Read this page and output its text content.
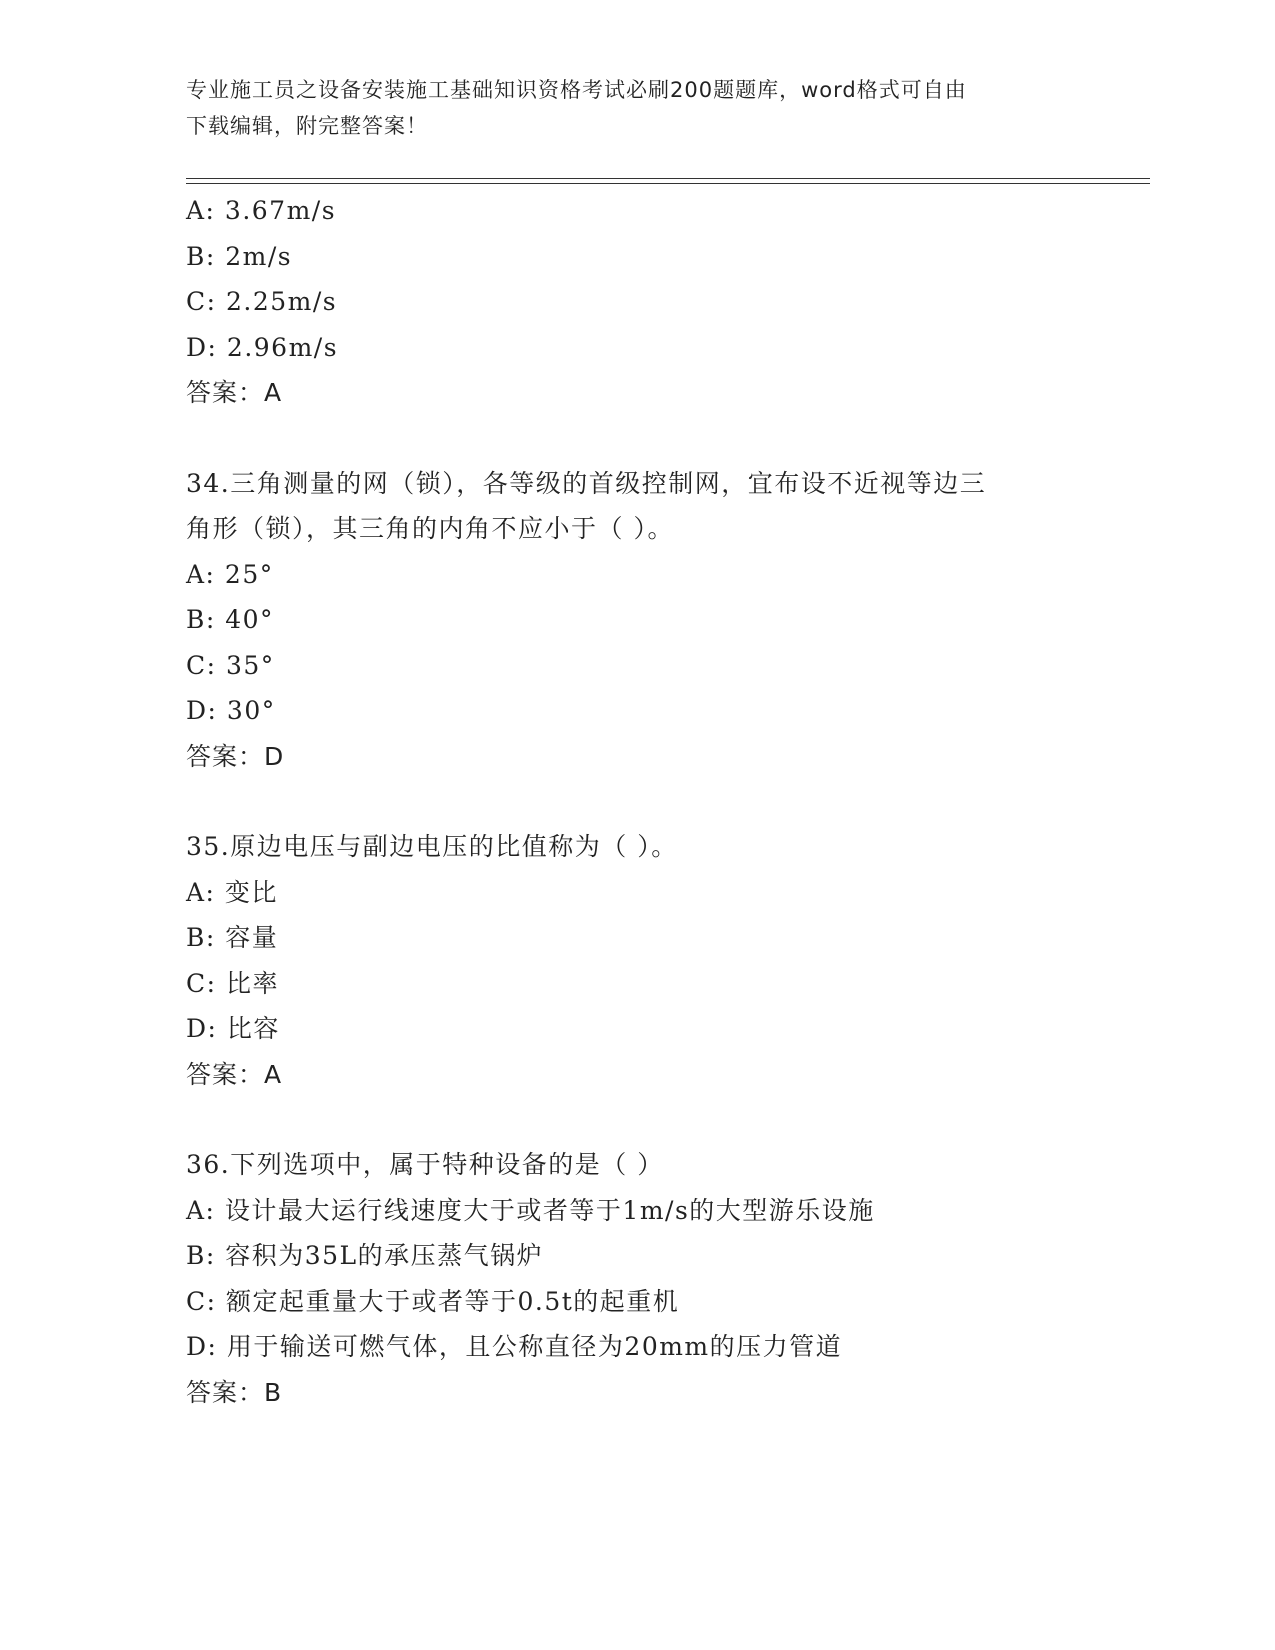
专业施工员之设备安装施工基础知识资格考试必刷200题题库，word格式可自由
下载编辑，附完整答案！
A: 3.67m/s
B: 2m/s
C: 2.25m/s
D: 2.96m/s
答案：A
34.三角测量的网（锁），各等级的首级控制网，宜布设不近视等边三
角形（锁），其三角的内角不应小于（ ）。
A: 25°
B: 40°
C: 35°
D: 30°
答案：D
35.原边电压与副边电压的比值称为（ ）。
A: 变比
B: 容量
C: 比率
D: 比容
答案：A
36.下列选项中，属于特种设备的是（ ）
A: 设计最大运行线速度大于或者等于1m/s的大型游乐设施
B: 容积为35L的承压蒸气锅炉
C: 额定起重量大于或者等于0.5t的起重机
D: 用于输送可燃气体，且公称直径为20mm的压力管道
答案：B
